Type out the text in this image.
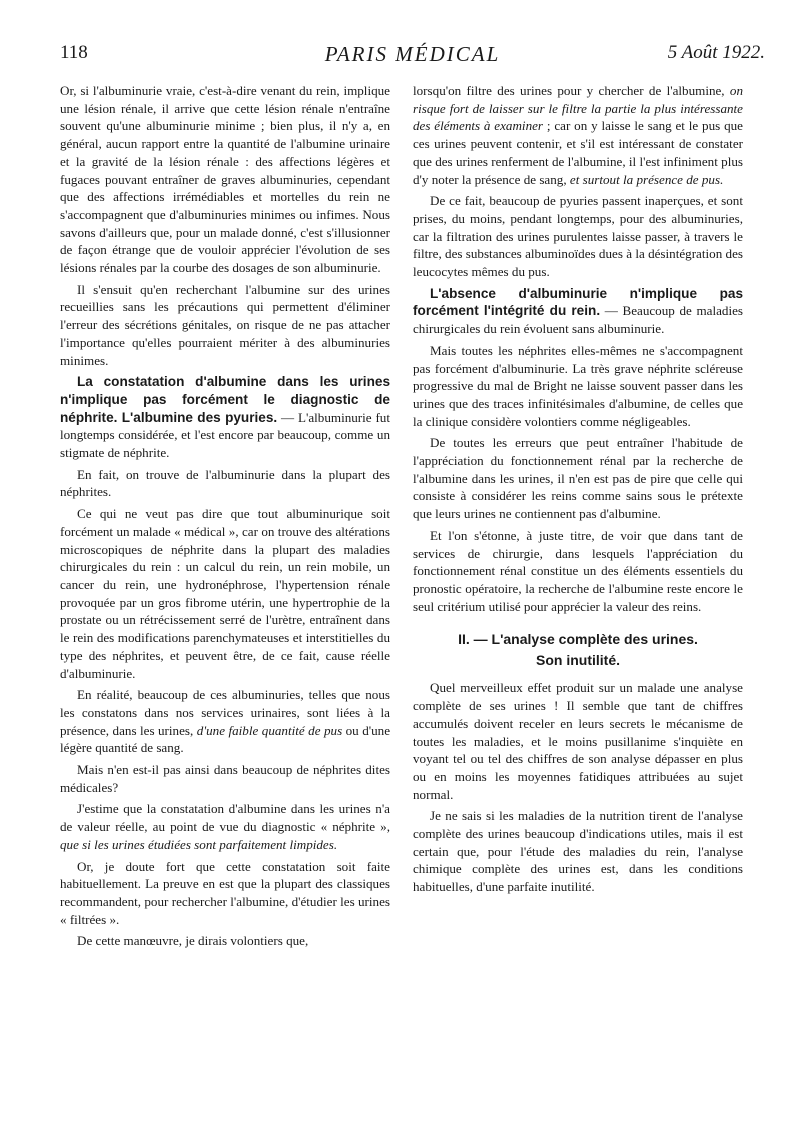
118	PARIS MÉDICAL	5 Août 1922.

Or, si l'albuminurie vraie, c'est-à-dire venant du rein, implique une lésion rénale, il arrive que cette lésion rénale n'entraîne souvent qu'une albuminurie minime ; bien plus, il n'y a, en général, aucun rapport entre la quantité de l'albumine urinaire et la gravité de la lésion rénale : des affections légères et fugaces pouvant entraîner de graves albuminuries, cependant que des affections irrémédiables et mortelles du rein ne s'accompagnent que d'albuminuries minimes ou infimes. Nous savons d'ailleurs que, pour un malade donné, c'est s'illusionner de façon étrange que de vouloir apprécier l'évolution de ses lésions rénales par la courbe des dosages de son albuminurie.

Il s'ensuit qu'en recherchant l'albumine sur des urines recueillies sans les précautions qui permettent d'éliminer l'erreur des sécrétions génitales, on risque de ne pas attacher l'importance qu'elles pourraient mériter à des albuminuries minimes.

La constatation d'albumine dans les urines n'implique pas forcément le diagnostic de néphrite. L'albumine des pyuries. — L'albuminurie fut longtemps considérée, et l'est encore par beaucoup, comme un stigmate de néphrite.

En fait, on trouve de l'albuminurie dans la plupart des néphrites.

Ce qui ne veut pas dire que tout albuminurique soit forcément un malade « médical », car on trouve des altérations microscopiques de néphrite dans la plupart des maladies chirurgicales du rein : un calcul du rein, un rein mobile, un cancer du rein, une hydronéphrose, l'hypertension rénale provoquée par un gros fibrome utérin, une hypertrophie de la prostate ou un rétrécissement serré de l'urètre, entraînent dans le rein des modifications parenchymateuses et interstitielles du type des néphrites, et peuvent être, de ce fait, cause réelle d'albuminurie.

En réalité, beaucoup de ces albuminuries, telles que nous les constatons dans nos services urinaires, sont liées à la présence, dans les urines, d'une faible quantité de pus ou d'une légère quantité de sang.

Mais n'en est-il pas ainsi dans beaucoup de néphrites dites médicales?

J'estime que la constatation d'albumine dans les urines n'a de valeur réelle, au point de vue du diagnostic « néphrite », que si les urines étudiées sont parfaitement limpides.

Or, je doute fort que cette constatation soit faite habituellement. La preuve en est que la plupart des classiques recommandent, pour rechercher l'albumine, d'étudier les urines « filtrées ».

De cette manœuvre, je dirais volontiers que,

lorsqu'on filtre des urines pour y chercher de l'albumine, on risque fort de laisser sur le filtre la partie la plus intéressante des éléments à examiner ; car on y laisse le sang et le pus que ces urines peuvent contenir, et s'il est intéressant de constater que des urines renferment de l'albumine, il l'est infiniment plus d'y noter la présence de sang, et surtout la présence de pus.

De ce fait, beaucoup de pyuries passent inaperçues, et sont prises, du moins, pendant longtemps, pour des albuminuries, car la filtration des urines purulentes laisse passer, à travers le filtre, des substances albuminoïdes dues à la désintégration des leucocytes mêmes du pus.

L'absence d'albuminurie n'implique pas forcément l'intégrité du rein. — Beaucoup de maladies chirurgicales du rein évoluent sans albuminurie.

Mais toutes les néphrites elles-mêmes ne s'accompagnent pas forcément d'albuminurie. La très grave néphrite scléreuse progressive du mal de Bright ne laisse souvent passer dans les urines que des traces infinitésimales d'albumine, de celles que la clinique considère volontiers comme négligeables.

De toutes les erreurs que peut entraîner l'habitude de l'appréciation du fonctionnement rénal par la recherche de l'albumine dans les urines, il n'en est pas de pire que celle qui consiste à considérer les reins comme sains sous le prétexte que leurs urines ne contiennent pas d'albumine.

Et l'on s'étonne, à juste titre, de voir que dans tant de services de chirurgie, dans lesquels l'appréciation du fonctionnement rénal constitue un des éléments essentiels du pronostic opératoire, la recherche de l'albumine reste encore le seul critérium utilisé pour apprécier la valeur des reins.

II. — L'analyse complète des urines.
Son inutilité.

Quel merveilleux effet produit sur un malade une analyse complète de ses urines ! Il semble que tant de chiffres accumulés doivent receler en leurs secrets le mécanisme de toutes les maladies, et le moins pusillanime s'inquiète en voyant tel ou tel des chiffres de son analyse dépasser en plus ou en moins les moyennes fatidiques attribuées au sujet normal.

Je ne sais si les maladies de la nutrition tirent de l'analyse complète des urines beaucoup d'indications utiles, mais il est certain que, pour l'étude des maladies du rein, l'analyse chimique complète des urines est, dans les conditions habituelles, d'une parfaite inutilité.
